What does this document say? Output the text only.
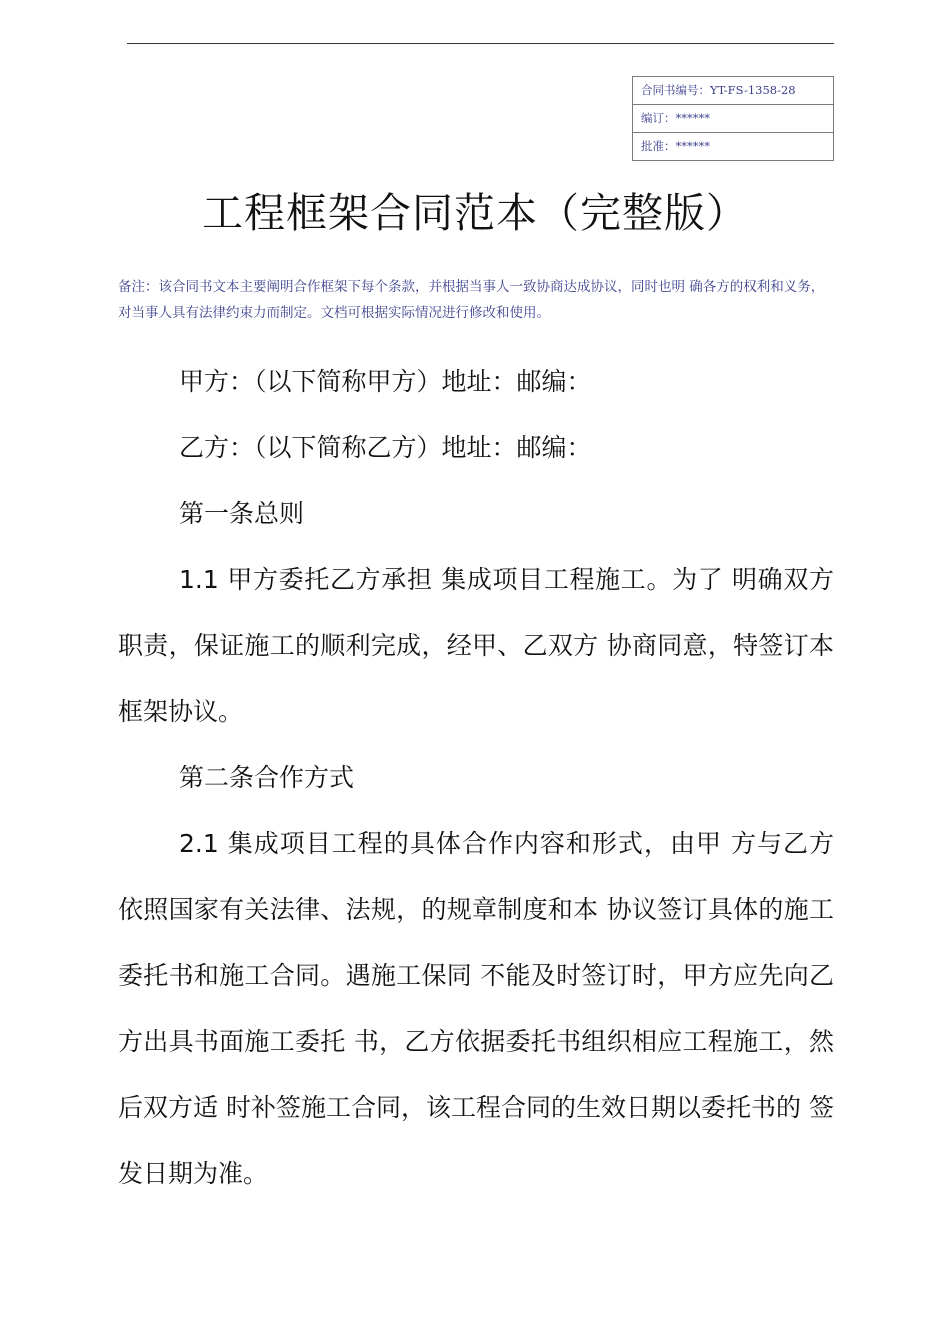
合同书编号：YT-FS-1358-28
编订：******
批准：******
工程框架合同范本（完整版）

备注：该合同书文本主要阐明合作框架下每个条款，并根据当事人一致协商达成协议，同时也明 确各方的权利和义务，对当事人具有法律约束力而制定。文档可根据实际情况进行修改和使用。

甲方：（以下简称甲方）地址：邮编：

乙方：（以下简称乙方）地址：邮编：

第一条总则

1.1 甲方委托乙方承担 集成项目工程施工。为了 明确双方职责，保证施工的顺利完成，经甲、乙双方 协商同意，特签订本框架协议。

第二条合作方式

2.1 集成项目工程的具体合作内容和形式，由甲 方与乙方依照国家有关法律、法规，的规章制度和本 协议签订具体的施工委托书和施工合同。遇施工保同 不能及时签订时，甲方应先向乙方出具书面施工委托 书，乙方依据委托书组织相应工程施工，然后双方适 时补签施工合同，该工程合同的生效日期以委托书的 签发日期为准。
